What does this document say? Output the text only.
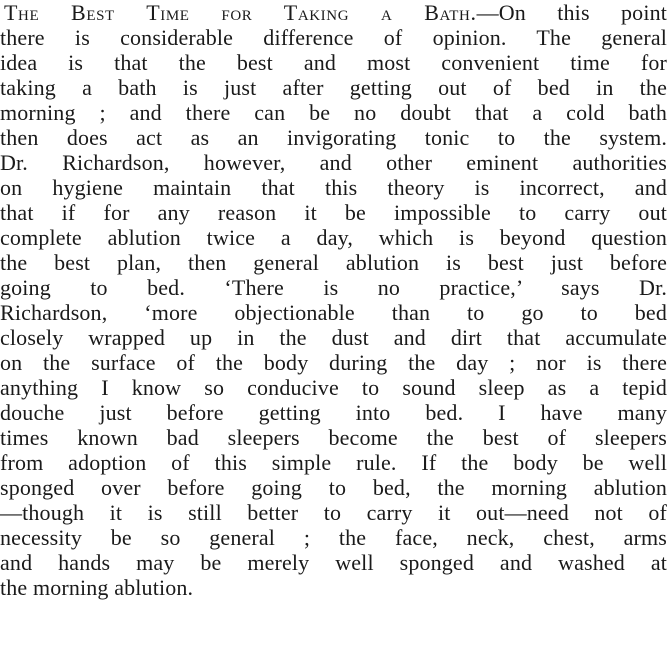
The Best Time for Taking a Bath.—On this point
there is considerable difference of opinion. The general
idea is that the best and most convenient time for
taking a bath is just after getting out of bed in the
morning ; and there can be no doubt that a cold bath
then does act as an invigorating tonic to the system.
Dr. Richardson, however, and other eminent authorities
on hygiene maintain that this theory is incorrect, and
that if for any reason it be impossible to carry out
complete ablution twice a day, which is beyond question
the best plan, then general ablution is best just before
going to bed. ‘There is no practice,’ says Dr.
Richardson, ‘more objectionable than to go to bed
closely wrapped up in the dust and dirt that accumulate
on the surface of the body during the day ; nor is there
anything I know so conducive to sound sleep as a tepid
douche just before getting into bed. I have many
times known bad sleepers become the best of sleepers
from adoption of this simple rule. If the body be well
sponged over before going to bed, the morning ablution
—though it is still better to carry it out—need not of
necessity be so general ; the face, neck, chest, arms
and hands may be merely well sponged and washed at
the morning ablution.
